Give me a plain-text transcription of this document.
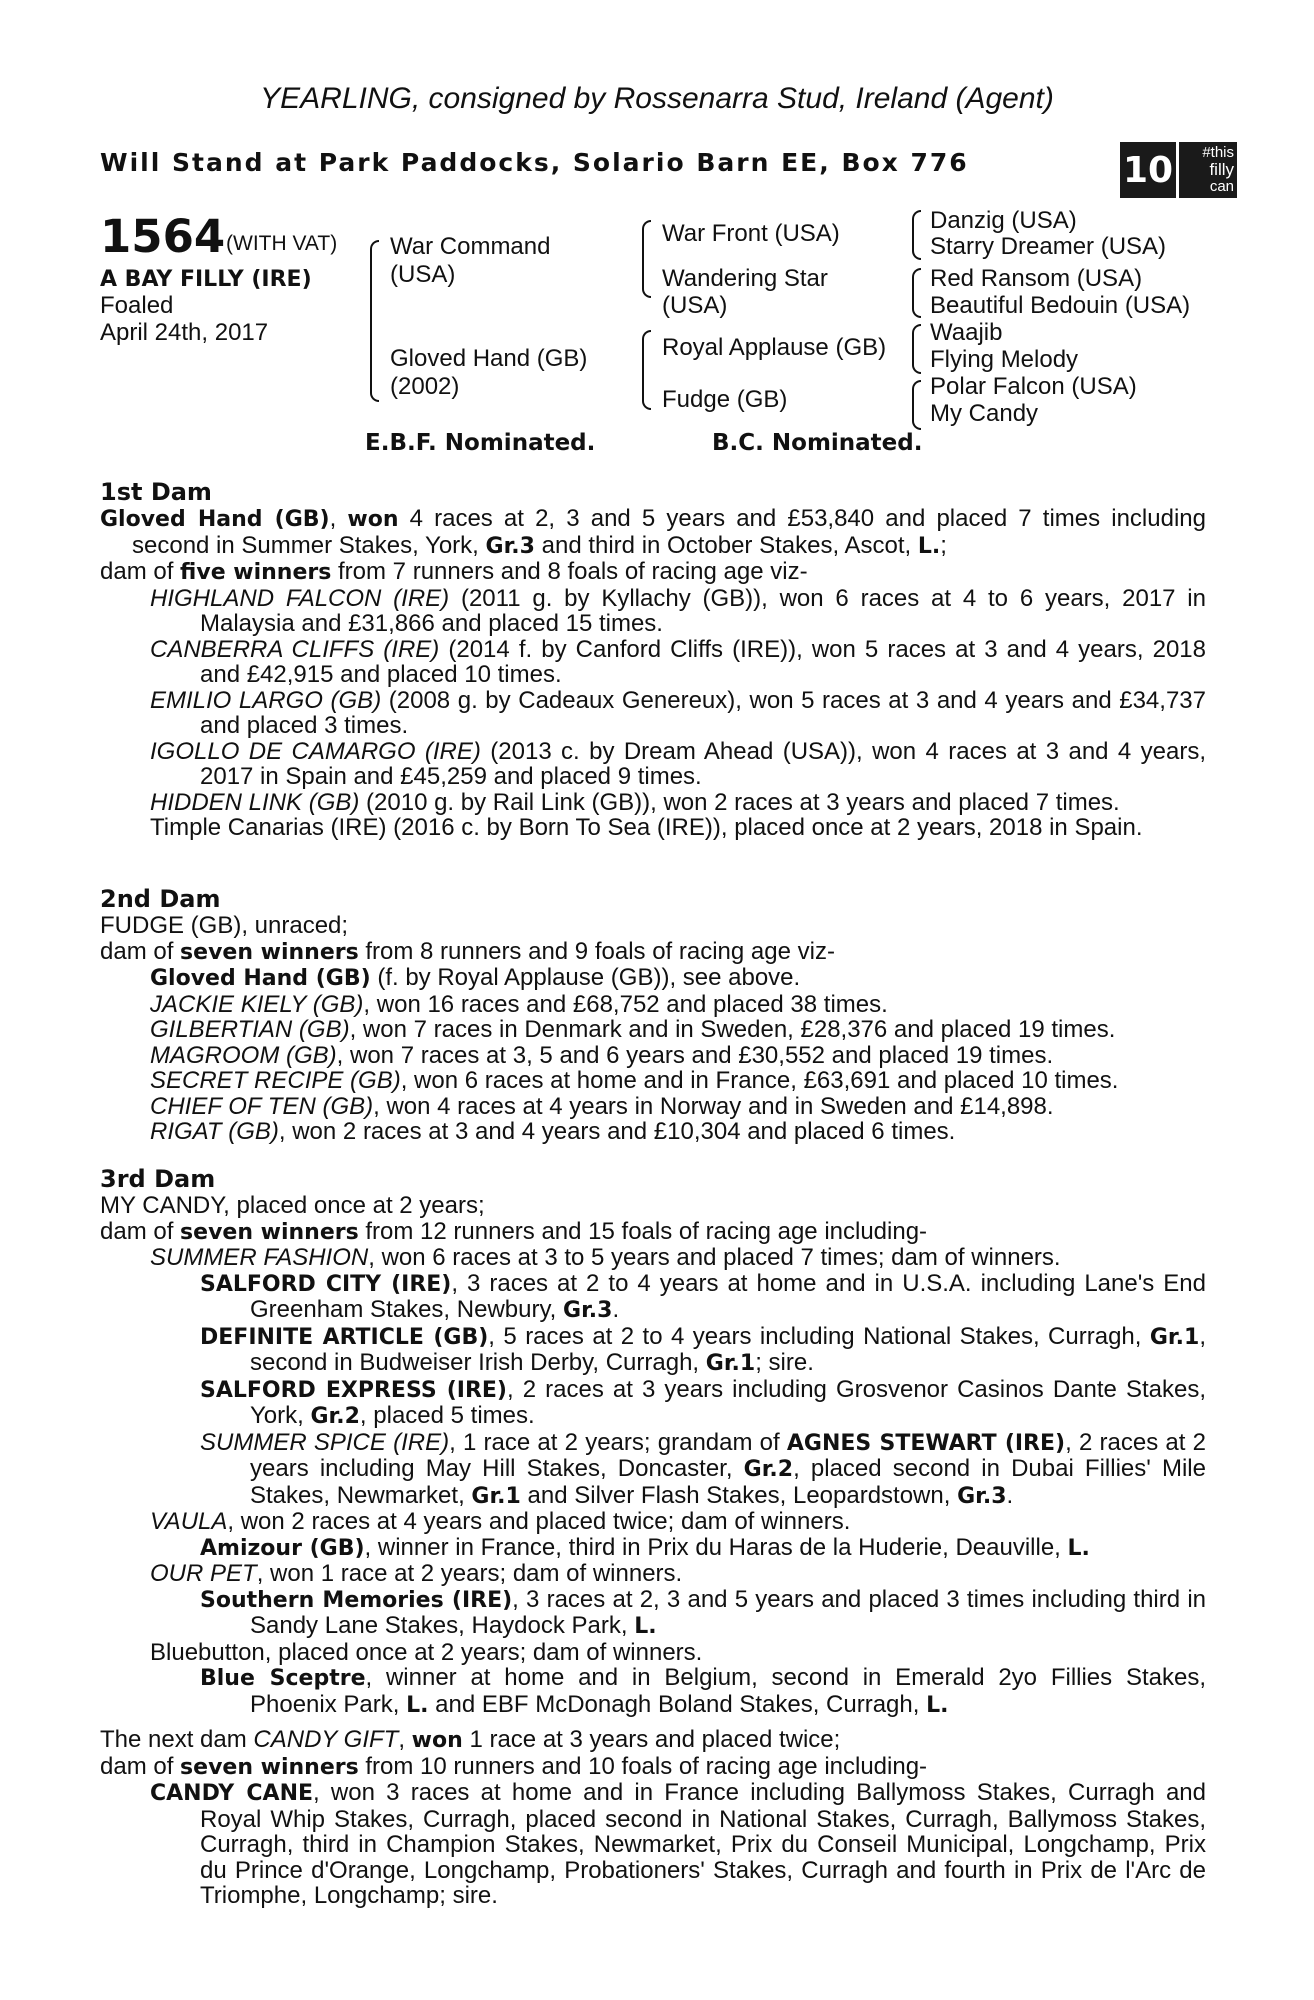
YEARLING, consigned by Rossenarra Stud, Ireland (Agent)
Will Stand at Park Paddocks, Solario Barn EE, Box 776	10	#this
filly
can
1564 (WITH VAT)
A BAY FILLY (IRE)
Foaled
April 24th, 2017
War Command
(USA)
Gloved Hand (GB)
(2002)
War Front (USA)
Wandering Star
(USA)
Royal Applause (GB)
Fudge (GB)
Danzig (USA)
Starry Dreamer (USA)
Red Ransom (USA)
Beautiful Bedouin (USA)
Waajib
Flying Melody
Polar Falcon (USA)
My Candy
E.B.F. Nominated.	B.C. Nominated.
1st Dam
Gloved Hand (GB), won 4 races at 2, 3 and 5 years and £53,840 and placed 7 times including second in Summer Stakes, York, Gr.3 and third in October Stakes, Ascot, L.;
dam of five winners from 7 runners and 8 foals of racing age viz-
HIGHLAND FALCON (IRE) (2011 g. by Kyllachy (GB)), won 6 races at 4 to 6 years, 2017 in Malaysia and £31,866 and placed 15 times.
CANBERRA CLIFFS (IRE) (2014 f. by Canford Cliffs (IRE)), won 5 races at 3 and 4 years, 2018 and £42,915 and placed 10 times.
EMILIO LARGO (GB) (2008 g. by Cadeaux Genereux), won 5 races at 3 and 4 years and £34,737 and placed 3 times.
IGOLLO DE CAMARGO (IRE) (2013 c. by Dream Ahead (USA)), won 4 races at 3 and 4 years, 2017 in Spain and £45,259 and placed 9 times.
HIDDEN LINK (GB) (2010 g. by Rail Link (GB)), won 2 races at 3 years and placed 7 times.
Timple Canarias (IRE) (2016 c. by Born To Sea (IRE)), placed once at 2 years, 2018 in Spain.
2nd Dam
FUDGE (GB), unraced;
dam of seven winners from 8 runners and 9 foals of racing age viz-
Gloved Hand (GB) (f. by Royal Applause (GB)), see above.
JACKIE KIELY (GB), won 16 races and £68,752 and placed 38 times.
GILBERTIAN (GB), won 7 races in Denmark and in Sweden, £28,376 and placed 19 times.
MAGROOM (GB), won 7 races at 3, 5 and 6 years and £30,552 and placed 19 times.
SECRET RECIPE (GB), won 6 races at home and in France, £63,691 and placed 10 times.
CHIEF OF TEN (GB), won 4 races at 4 years in Norway and in Sweden and £14,898.
RIGAT (GB), won 2 races at 3 and 4 years and £10,304 and placed 6 times.
3rd Dam
MY CANDY, placed once at 2 years;
dam of seven winners from 12 runners and 15 foals of racing age including-
SUMMER FASHION, won 6 races at 3 to 5 years and placed 7 times; dam of winners.
SALFORD CITY (IRE), 3 races at 2 to 4 years at home and in U.S.A. including Lane's End Greenham Stakes, Newbury, Gr.3.
DEFINITE ARTICLE (GB), 5 races at 2 to 4 years including National Stakes, Curragh, Gr.1, second in Budweiser Irish Derby, Curragh, Gr.1; sire.
SALFORD EXPRESS (IRE), 2 races at 3 years including Grosvenor Casinos Dante Stakes, York, Gr.2, placed 5 times.
SUMMER SPICE (IRE), 1 race at 2 years; grandam of AGNES STEWART (IRE), 2 races at 2 years including May Hill Stakes, Doncaster, Gr.2, placed second in Dubai Fillies' Mile Stakes, Newmarket, Gr.1 and Silver Flash Stakes, Leopardstown, Gr.3.
VAULA, won 2 races at 4 years and placed twice; dam of winners.
Amizour (GB), winner in France, third in Prix du Haras de la Huderie, Deauville, L.
OUR PET, won 1 race at 2 years; dam of winners.
Southern Memories (IRE), 3 races at 2, 3 and 5 years and placed 3 times including third in Sandy Lane Stakes, Haydock Park, L.
Bluebutton, placed once at 2 years; dam of winners.
Blue Sceptre, winner at home and in Belgium, second in Emerald 2yo Fillies Stakes, Phoenix Park, L. and EBF McDonagh Boland Stakes, Curragh, L.
The next dam CANDY GIFT, won 1 race at 3 years and placed twice;
dam of seven winners from 10 runners and 10 foals of racing age including-
CANDY CANE, won 3 races at home and in France including Ballymoss Stakes, Curragh and Royal Whip Stakes, Curragh, placed second in National Stakes, Curragh, Ballymoss Stakes, Curragh, third in Champion Stakes, Newmarket, Prix du Conseil Municipal, Longchamp, Prix du Prince d'Orange, Longchamp, Probationers' Stakes, Curragh and fourth in Prix de l'Arc de Triomphe, Longchamp; sire.
